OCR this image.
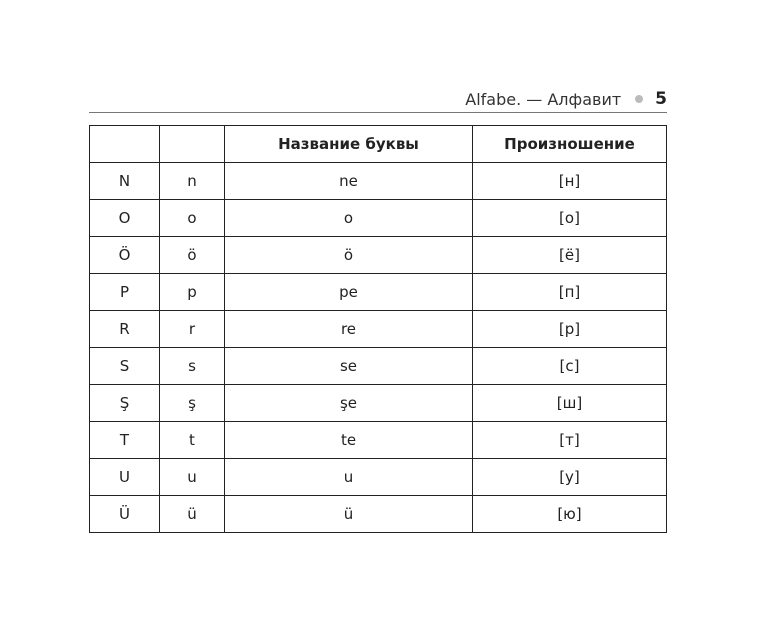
Alfabe. — Алфавит 5
		Название буквы	Произношение
N	n	ne	[н]
O	o	o	[о]
Ö	ö	ö	[ё]
P	p	pe	[п]
R	r	re	[р]
S	s	se	[с]
Ş	ş	şe	[ш]
T	t	te	[т]
U	u	u	[у]
Ü	ü	ü	[ю]
